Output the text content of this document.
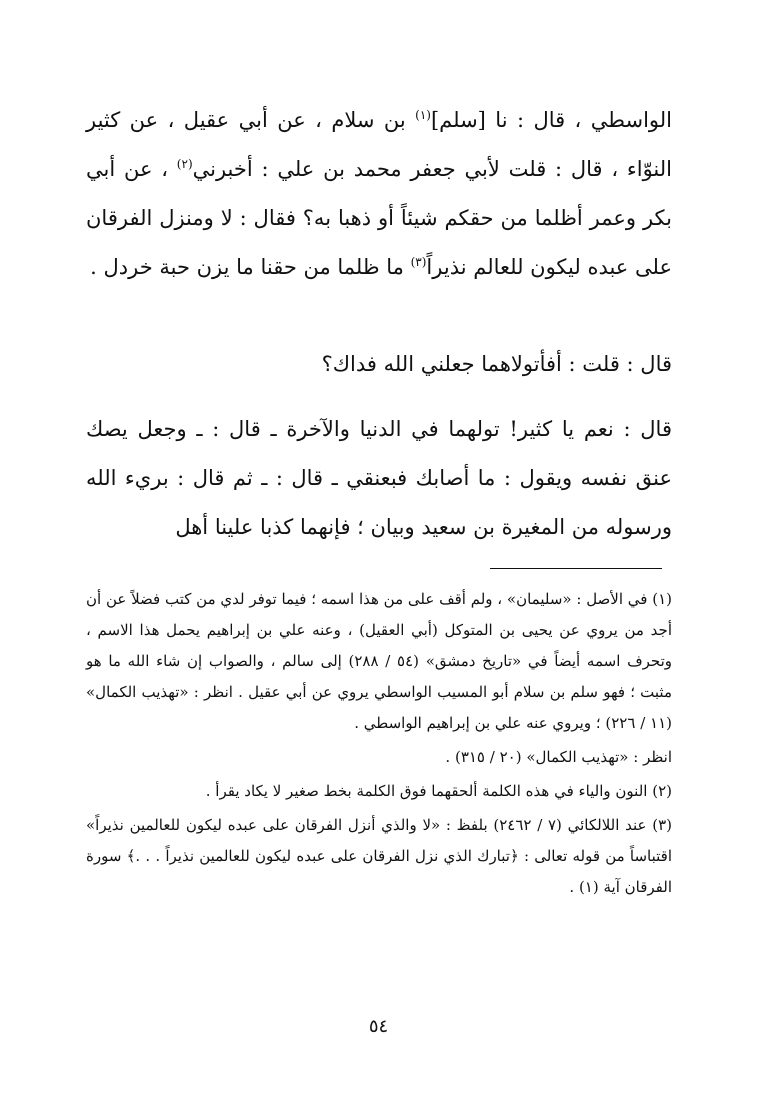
الواسطي ، قال : نا [سلم]$^{(١)}$ بن سلام ، عن أبي عقيل ، عن كثير النوّاء ، قال : قلت لأبي جعفر محمد بن علي : أخبرني$^{(٢)}$ ، عن أبي بكر وعمر أظلما من حقكم شيئاً أو ذهبا به؟ فقال : لا ومنزل الفرقان على عبده ليكون للعالم نذيراً$^{(٣)}$ ما ظلما من حقنا ما يزن حبة خردل .

قال : قلت : أفأتولاهما جعلني الله فداك؟

قال : نعم يا كثير! تولهما في الدنيا والآخرة ـ قال : ـ وجعل يصك عنق نفسه ويقول : ما أصابك فبعنقي ـ قال : ـ ثم قال : بريء الله ورسوله من المغيرة بن سعيد وبيان ؛ فإنهما كذبا علينا أهل

(١) في الأصل : «سليمان» ، ولم أقف على من هذا اسمه ؛ فيما توفر لدي من كتب فضلاً عن أن أجد من يروي عن يحيى بن المتوكل (أبي العقيل) ، وعنه علي بن إبراهيم يحمل هذا الاسم ، وتحرف اسمه أيضاً في «تاريخ دمشق» (٥٤ / ٢٨٨) إلى سالم ، والصواب إن شاء الله ما هو مثبت ؛ فهو سلم بن سلام أبو المسيب الواسطي يروي عن أبي عقيل . انظر : «تهذيب الكمال» (١١ / ٢٢٦) ؛ ويروي عنه علي بن إبراهيم الواسطي .

انظر : «تهذيب الكمال» (٢٠ / ٣١٥) .

(٢) النون والياء في هذه الكلمة ألحقهما فوق الكلمة بخط صغير لا يكاد يقرأ .

(٣) عند اللالكائي (٧ / ٢٤٦٢) بلفظ : «لا والذي أنزل الفرقان على عبده ليكون للعالمين نذيراً» اقتباساً من قوله تعالى : ﴿تبارك الذي نزل الفرقان على عبده ليكون للعالمين نذيراً . . .﴾ سورة الفرقان آية (١) .

٥٤
